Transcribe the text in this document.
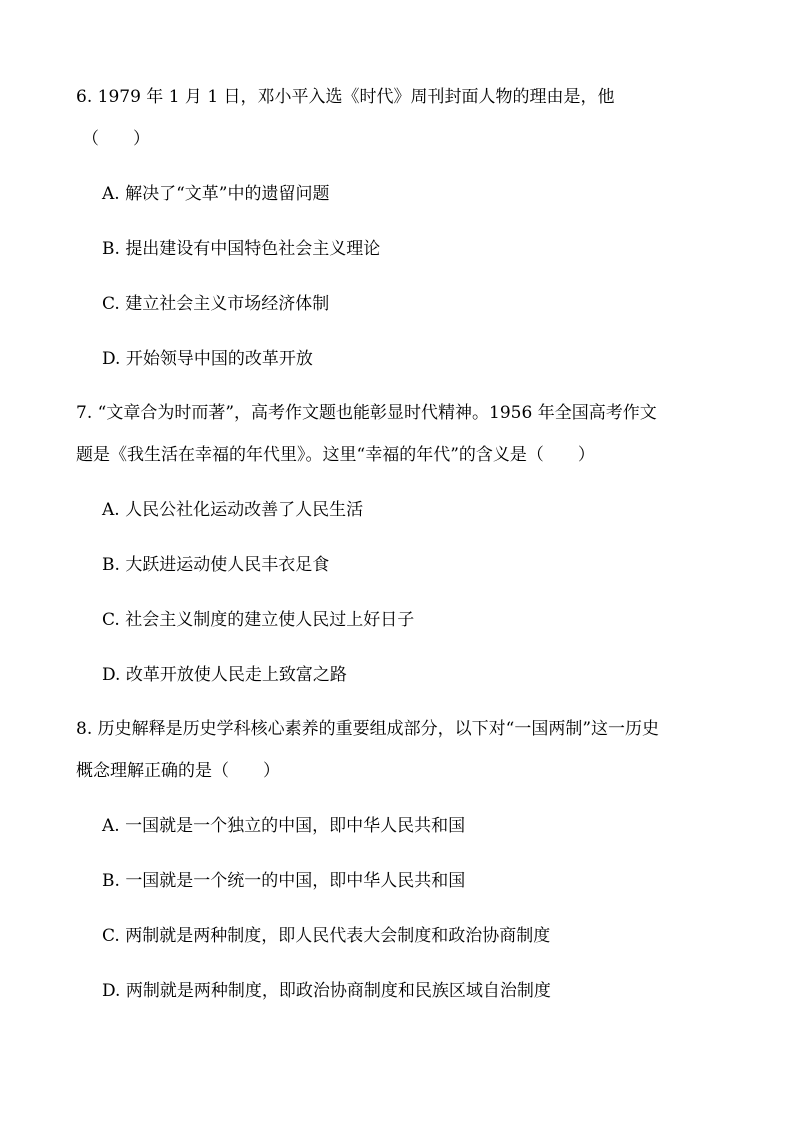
6. 1979 年 1 月 1 日，邓小平入选《时代》周刊封面人物的理由是，他
（　　）
A. 解决了“文革”中的遗留问题
B. 提出建设有中国特色社会主义理论
C. 建立社会主义市场经济体制
D. 开始领导中国的改革开放
7. “文章合为时而著”，高考作文题也能彰显时代精神。1956 年全国高考作文
题是《我生活在幸福的年代里》。这里“幸福的年代”的含义是（　　）
A. 人民公社化运动改善了人民生活
B. 大跃进运动使人民丰衣足食
C. 社会主义制度的建立使人民过上好日子
D. 改革开放使人民走上致富之路
8. 历史解释是历史学科核心素养的重要组成部分，以下对“一国两制”这一历史
概念理解正确的是（　　）
A. 一国就是一个独立的中国，即中华人民共和国
B. 一国就是一个统一的中国，即中华人民共和国
C. 两制就是两种制度，即人民代表大会制度和政治协商制度
D. 两制就是两种制度，即政治协商制度和民族区域自治制度
